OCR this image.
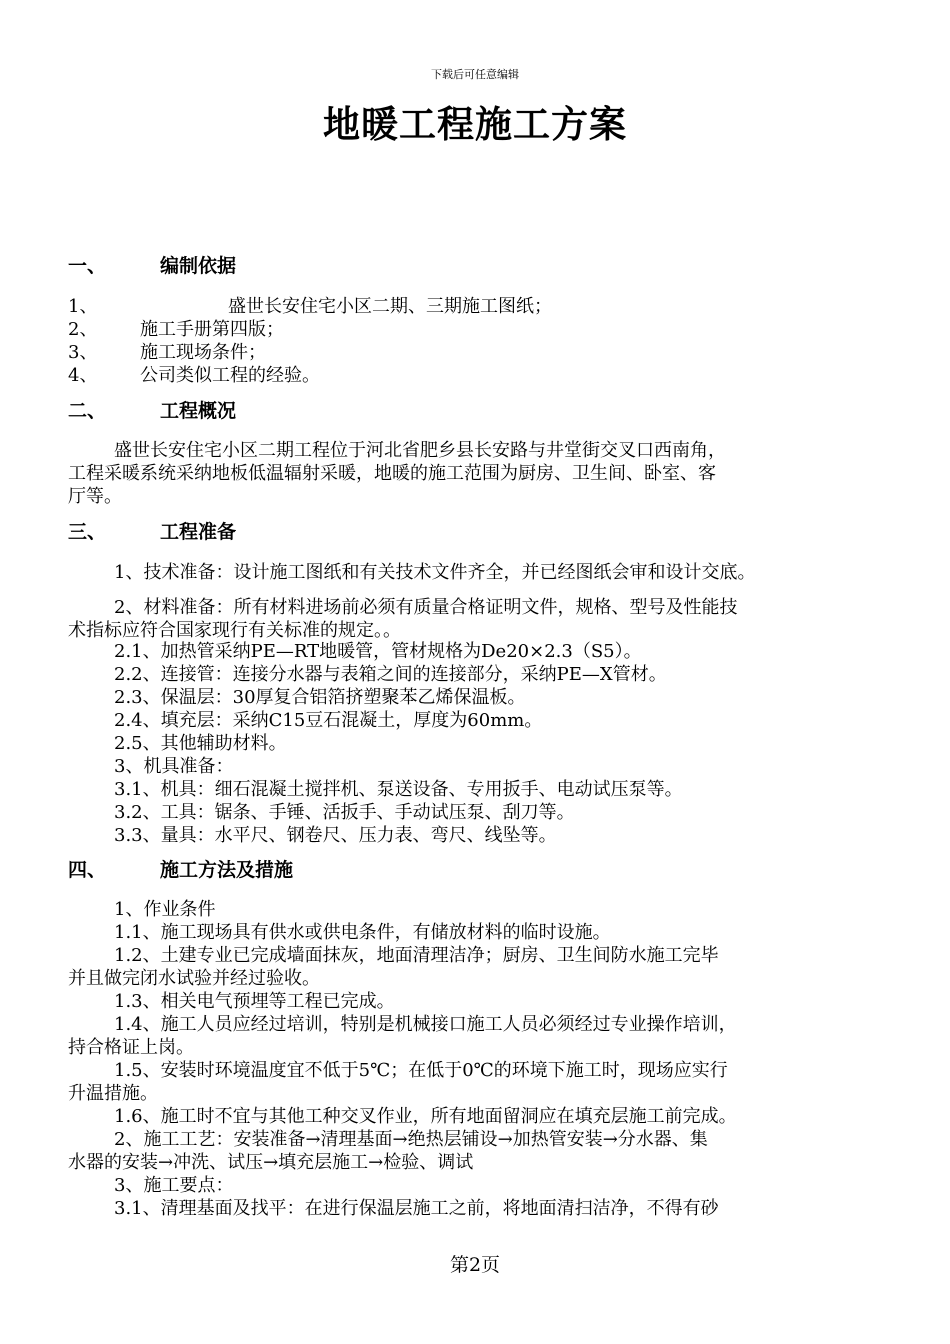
下载后可任意编辑
地暖工程施工方案
一、	编制依据
1、	盛世长安住宅小区二期、三期施工图纸；
2、 施工手册第四版；
3、 施工现场条件；
4、 公司类似工程的经验。
二、	工程概况
盛世长安住宅小区二期工程位于河北省肥乡县长安路与井堂街交叉口西南角，
工程采暖系统采纳地板低温辐射采暖，地暖的施工范围为厨房、卫生间、卧室、客
厅等。
三、	工程准备
1、技术准备：设计施工图纸和有关技术文件齐全，并已经图纸会审和设计交底。
2、材料准备：所有材料进场前必须有质量合格证明文件，规格、型号及性能技
术指标应符合国家现行有关标准的规定。。
2.1、加热管采纳PE—RT地暖管，管材规格为De20×2.3（S5）。
2.2、连接管：连接分水器与表箱之间的连接部分，采纳PE—X管材。
2.3、保温层：30厚复合铝箔挤塑聚苯乙烯保温板。
2.4、填充层：采纳C15豆石混凝土，厚度为60mm。
2.5、其他辅助材料。
3、机具准备：
3.1、机具：细石混凝土搅拌机、泵送设备、专用扳手、电动试压泵等。
3.2、工具：锯条、手锤、活扳手、手动试压泵、刮刀等。
3.3、量具：水平尺、钢卷尺、压力表、弯尺、线坠等。
四、	施工方法及措施
1、作业条件
1.1、施工现场具有供水或供电条件，有储放材料的临时设施。
1.2、土建专业已完成墙面抹灰，地面清理洁净；厨房、卫生间防水施工完毕
并且做完闭水试验并经过验收。
1.3、相关电气预埋等工程已完成。
1.4、施工人员应经过培训，特别是机械接口施工人员必须经过专业操作培训，
持合格证上岗。
1.5、安装时环境温度宜不低于5℃；在低于0℃的环境下施工时，现场应实行
升温措施。
1.6、施工时不宜与其他工种交叉作业，所有地面留洞应在填充层施工前完成。
2、施工工艺：安装准备→清理基面→绝热层铺设→加热管安装→分水器、集
水器的安装→冲洗、试压→填充层施工→检验、调试
3、施工要点：
3.1、清理基面及找平：在进行保温层施工之前，将地面清扫洁净，不得有砂
第2页
